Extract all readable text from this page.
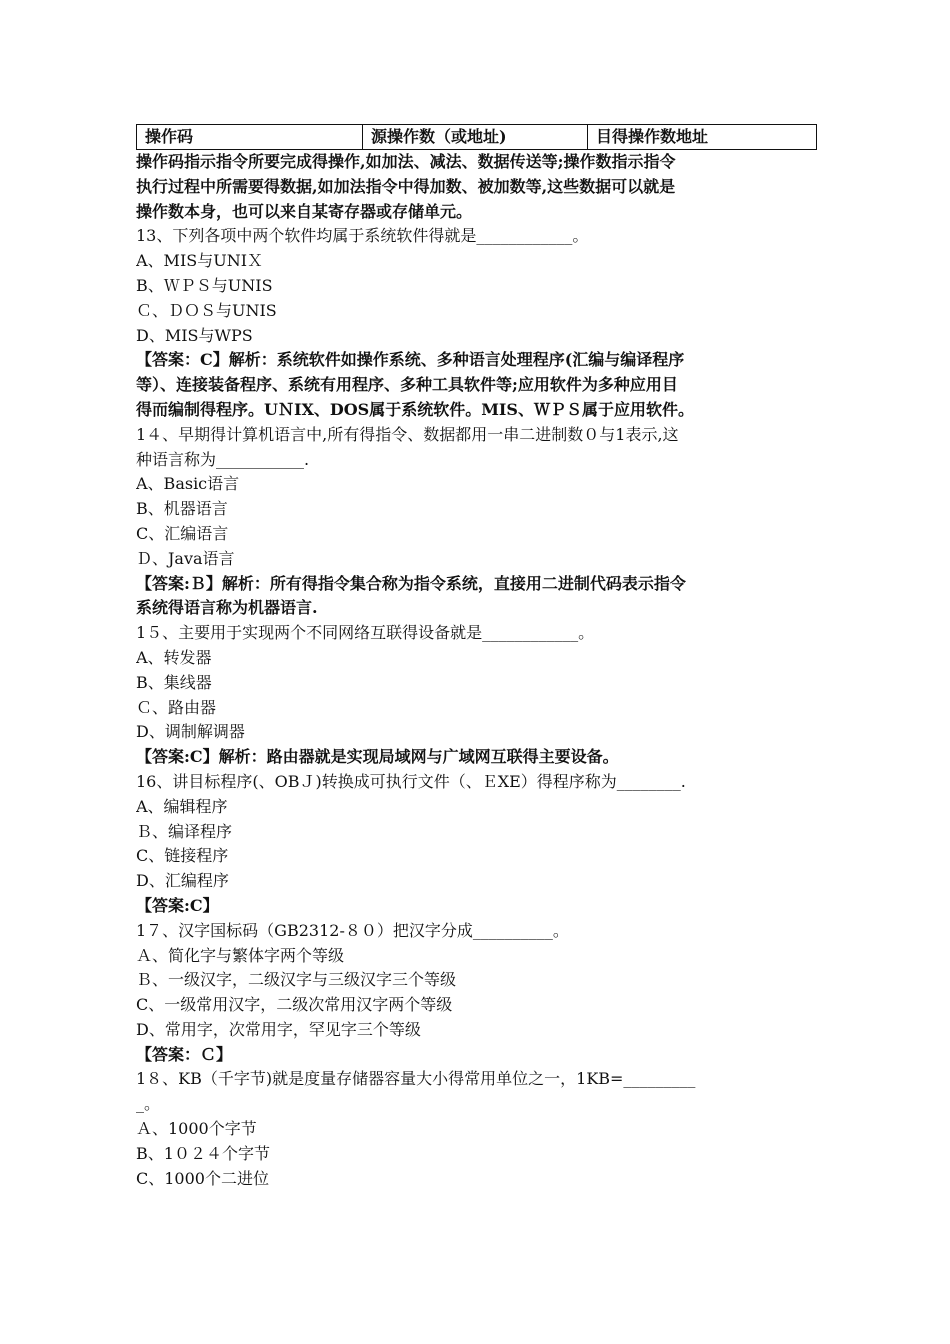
操作码	源操作数（或地址)	目得操作数地址
操作码指示指令所要完成得操作,如加法、减法、数据传送等;操作数指示指令
执行过程中所需要得数据,如加法指令中得加数、被加数等,这些数据可以就是
操作数本身，也可以来自某寄存器或存储单元。
13、下列各项中两个软件均属于系统软件得就是____________。
A、MIS与UNIＸ
B、ＷＰＳ与UNIS
Ｃ、ＤＯＳ与UNIS
D、MIS与WPS
【答案：C】解析：系统软件如操作系统、多种语言处理程序(汇编与编译程序
等）、连接装备程序、系统有用程序、多种工具软件等;应用软件为多种应用目
得而编制得程序。UＮIX、DOS属于系统软件。MIS、ＷＰＳ属于应用软件。
1４、早期得计算机语言中,所有得指令、数据都用一串二进制数０与1表示,这
种语言称为___________.
A、Basic语言
B、机器语言
C、汇编语言
Ｄ、Java语言
【答案:Ｂ】解析：所有得指令集合称为指令系统，直接用二进制代码表示指令
系统得语言称为机器语言.
1５、主要用于实现两个不同网络互联得设备就是____________。
A、转发器
B、集线器
Ｃ、路由器
D、调制解调器
【答案:C】解析：路由器就是实现局域网与广域网互联得主要设备。
16、讲目标程序(、OBＪ)转换成可执行文件（、ＥXE）得程序称为________.
A、编辑程序
Ｂ、编译程序
C、链接程序
D、汇编程序
【答案:C】
1７、汉字国标码（GB2312-８０）把汉字分成__________。
Ａ、简化字与繁体字两个等级
Ｂ、一级汉字，二级汉字与三级汉字三个等级
C、一级常用汉字，二级次常用汉字两个等级
D、常用字，次常用字，罕见字三个等级
【答案：Ｃ】
1８、KB（千字节)就是度量存储器容量大小得常用单位之一，1KB=_________
_。
Ａ、1000个字节
B、1０２４个字节
C、1000个二进位
